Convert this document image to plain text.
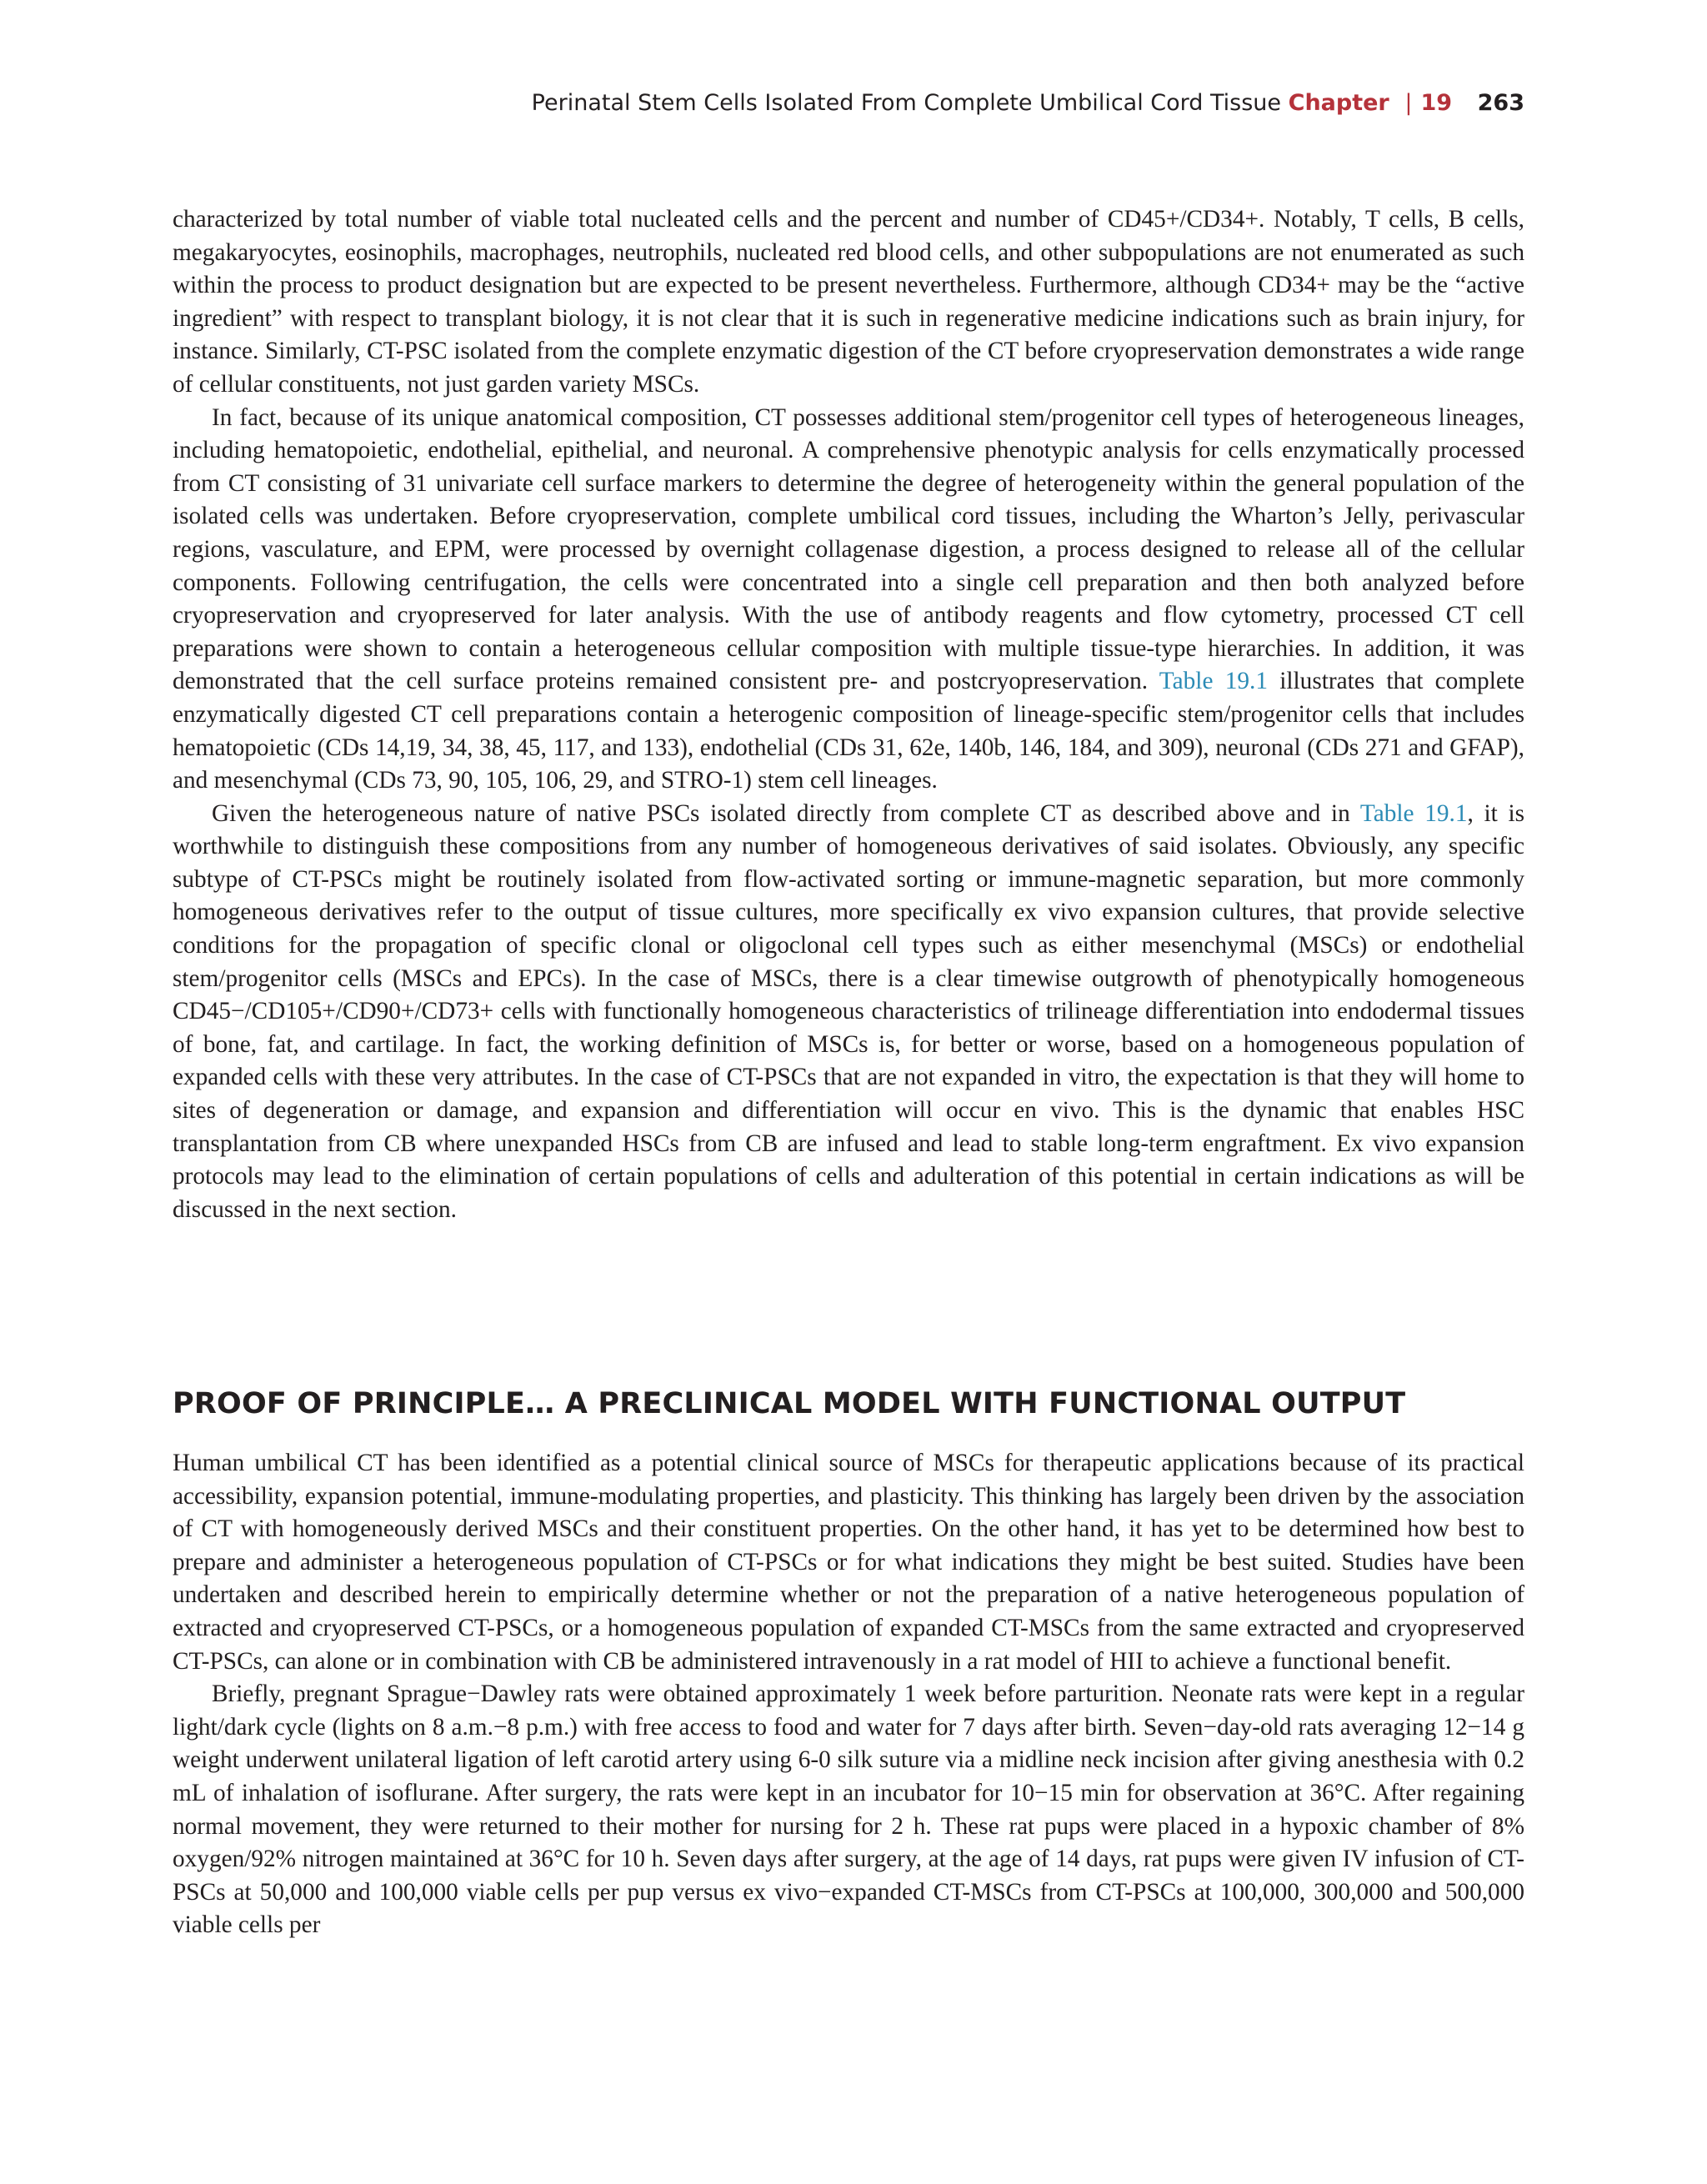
Perinatal Stem Cells Isolated From Complete Umbilical Cord Tissue Chapter | 19 263

characterized by total number of viable total nucleated cells and the percent and number of CD45+/CD34+. Notably, T cells, B cells, megakaryocytes, eosinophils, macrophages, neutrophils, nucleated red blood cells, and other subpopulations are not enumerated as such within the process to product designation but are expected to be present nevertheless. Furthermore, although CD34+ may be the “active ingredient” with respect to transplant biology, it is not clear that it is such in regenerative medicine indications such as brain injury, for instance. Similarly, CT-PSC isolated from the complete enzymatic digestion of the CT before cryopreservation demonstrates a wide range of cellular constituents, not just garden variety MSCs.

In fact, because of its unique anatomical composition, CT possesses additional stem/progenitor cell types of heterogeneous lineages, including hematopoietic, endothelial, epithelial, and neuronal. A comprehensive phenotypic analysis for cells enzymatically processed from CT consisting of 31 univariate cell surface markers to determine the degree of heterogeneity within the general population of the isolated cells was undertaken. Before cryopreservation, complete umbilical cord tissues, including the Wharton’s Jelly, perivascular regions, vasculature, and EPM, were processed by overnight collagenase digestion, a process designed to release all of the cellular components. Following centrifugation, the cells were concentrated into a single cell preparation and then both analyzed before cryopreservation and cryopreserved for later analysis. With the use of antibody reagents and flow cytometry, processed CT cell preparations were shown to contain a heterogeneous cellular composition with multiple tissue-type hierarchies. In addition, it was demonstrated that the cell surface proteins remained consistent pre- and postcryopreservation. Table 19.1 illustrates that complete enzymatically digested CT cell preparations contain a heterogenic composition of lineage-specific stem/progenitor cells that includes hematopoietic (CDs 14,19, 34, 38, 45, 117, and 133), endothelial (CDs 31, 62e, 140b, 146, 184, and 309), neuronal (CDs 271 and GFAP), and mesenchymal (CDs 73, 90, 105, 106, 29, and STRO-1) stem cell lineages.

Given the heterogeneous nature of native PSCs isolated directly from complete CT as described above and in Table 19.1, it is worthwhile to distinguish these compositions from any number of homogeneous derivatives of said isolates. Obviously, any specific subtype of CT-PSCs might be routinely isolated from flow-activated sorting or immune-magnetic separation, but more commonly homogeneous derivatives refer to the output of tissue cultures, more specifically ex vivo expansion cultures, that provide selective conditions for the propagation of specific clonal or oligoclonal cell types such as either mesenchymal (MSCs) or endothelial stem/progenitor cells (MSCs and EPCs). In the case of MSCs, there is a clear timewise outgrowth of phenotypically homogeneous CD45−/CD105+/CD90+/CD73+ cells with functionally homogeneous characteristics of trilineage differentiation into endodermal tissues of bone, fat, and cartilage. In fact, the working definition of MSCs is, for better or worse, based on a homogeneous population of expanded cells with these very attributes. In the case of CT-PSCs that are not expanded in vitro, the expectation is that they will home to sites of degeneration or damage, and expansion and differentiation will occur en vivo. This is the dynamic that enables HSC transplantation from CB where unexpanded HSCs from CB are infused and lead to stable long-term engraftment. Ex vivo expansion protocols may lead to the elimination of certain populations of cells and adulteration of this potential in certain indications as will be discussed in the next section.

PROOF OF PRINCIPLE… A PRECLINICAL MODEL WITH FUNCTIONAL OUTPUT

Human umbilical CT has been identified as a potential clinical source of MSCs for therapeutic applications because of its practical accessibility, expansion potential, immune-modulating properties, and plasticity. This thinking has largely been driven by the association of CT with homogeneously derived MSCs and their constituent properties. On the other hand, it has yet to be determined how best to prepare and administer a heterogeneous population of CT-PSCs or for what indications they might be best suited. Studies have been undertaken and described herein to empirically determine whether or not the preparation of a native heterogeneous population of extracted and cryopreserved CT-PSCs, or a homogeneous population of expanded CT-MSCs from the same extracted and cryopreserved CT-PSCs, can alone or in combination with CB be administered intravenously in a rat model of HII to achieve a functional benefit.

Briefly, pregnant Sprague−Dawley rats were obtained approximately 1 week before parturition. Neonate rats were kept in a regular light/dark cycle (lights on 8 a.m.−8 p.m.) with free access to food and water for 7 days after birth. Seven−day-old rats averaging 12−14 g weight underwent unilateral ligation of left carotid artery using 6-0 silk suture via a midline neck incision after giving anesthesia with 0.2 mL of inhalation of isoflurane. After surgery, the rats were kept in an incubator for 10−15 min for observation at 36°C. After regaining normal movement, they were returned to their mother for nursing for 2 h. These rat pups were placed in a hypoxic chamber of 8% oxygen/92% nitrogen maintained at 36°C for 10 h. Seven days after surgery, at the age of 14 days, rat pups were given IV infusion of CT-PSCs at 50,000 and 100,000 viable cells per pup versus ex vivo−expanded CT-MSCs from CT-PSCs at 100,000, 300,000 and 500,000 viable cells per
